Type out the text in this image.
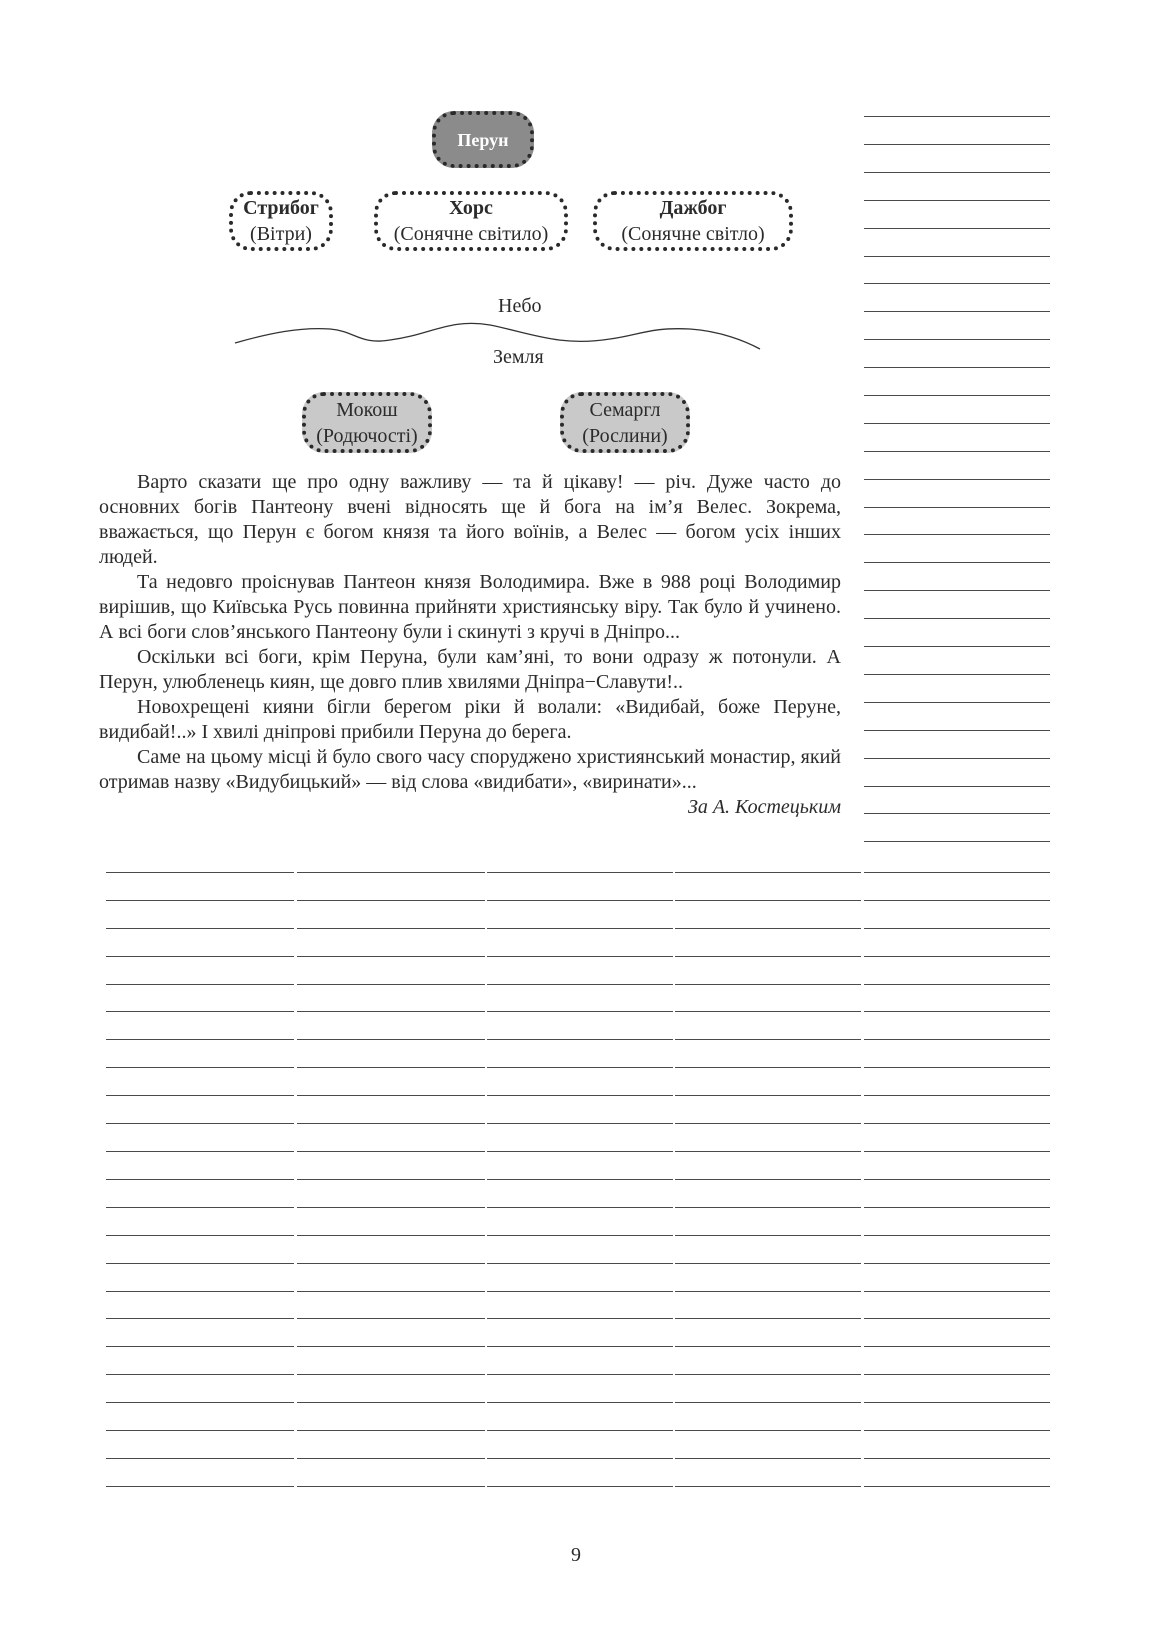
Перун
Стрибог
(Вітри)
Хорс
(Сонячне світило)
Дажбог
(Сонячне світло)
Небо
Земля
Мокош
(Родючості)
Семаргл
(Рослини)

Варто сказати ще про одну важливу — та й цікаву! — річ. Дуже часто до основних богів Пантеону вчені відносять ще й бога на ім’я Велес. Зокрема, вважається, що Перун є богом князя та його воїнів, а Велес — богом усіх інших людей.

Та недовго проіснував Пантеон князя Володимира. Вже в 988 році Володимир вирішив, що Київська Русь повинна прийняти християнську віру. Так було й учинено. А всі боги слов’янського Пантеону були і скинуті з кручі в Дніпро...

Оскільки всі боги, крім Перуна, були кам’яні, то вони одразу ж потонули. А Перун, улюбленець киян, ще довго плив хвилями Дніпра−Славути!..

Новохрещені кияни бігли берегом ріки й волали: «Видибай, боже Перуне, видибай!..» І хвилі дніпрові прибили Перуна до берега.

Саме на цьому місці й було свого часу споруджено християнський монастир, який отримав назву «Видубицький» — від слова «видибати», «виринати»...

За А. Костецьким

9
